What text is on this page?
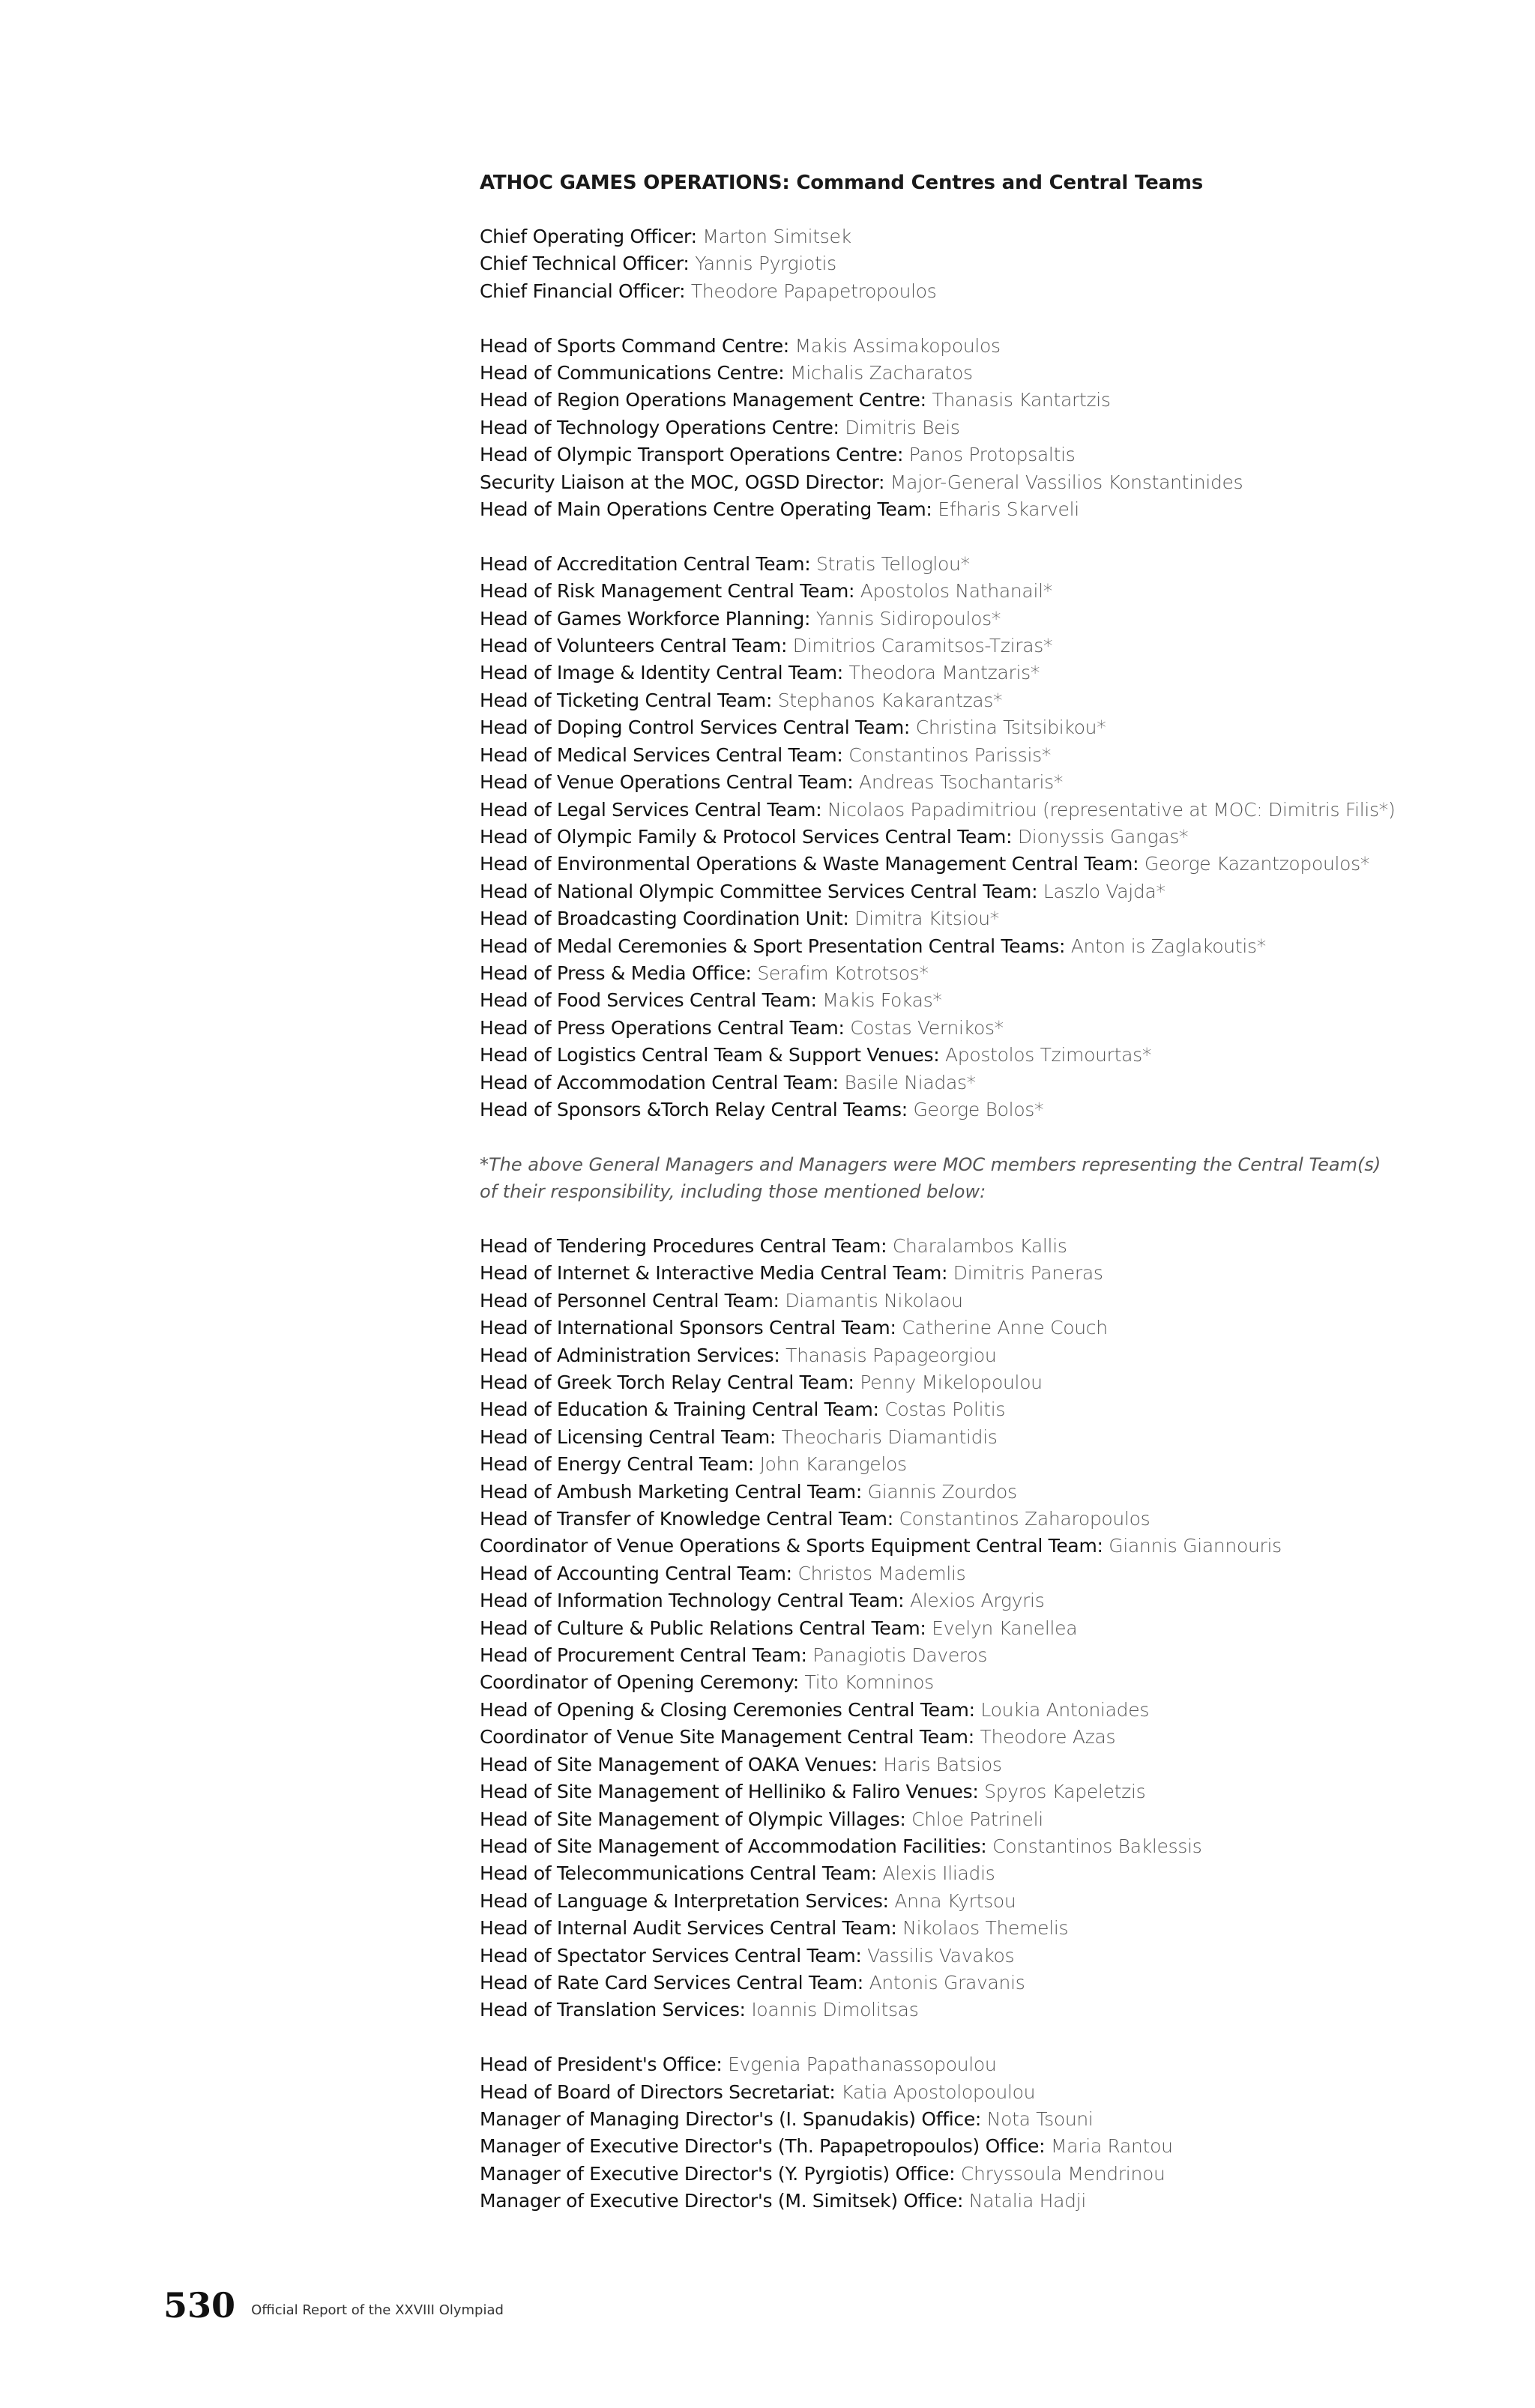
ATHOC GAMES OPERATIONS: Command Centres and Central Teams
Chief Operating Officer: Marton Simitsek
Chief Technical Officer: Yannis Pyrgiotis
Chief Financial Officer: Theodore Papapetropoulos
Head of Sports Command Centre: Makis Assimakopoulos
Head of Communications Centre: Michalis Zacharatos
Head of Region Operations Management Centre: Thanasis Kantartzis
Head of Technology Operations Centre: Dimitris Beis
Head of Olympic Transport Operations Centre: Panos Protopsaltis
Security Liaison at the MOC, OGSD Director: Major-General Vassilios Konstantinides
Head of Main Operations Centre Operating Team: Efharis Skarveli
Head of Accreditation Central Team: Stratis Telloglou*
Head of Risk Management Central Team: Apostolos Nathanail*
Head of Games Workforce Planning: Yannis Sidiropoulos*
Head of Volunteers Central Team: Dimitrios Caramitsos-Tziras*
Head of Image & Identity Central Team: Theodora Mantzaris*
Head of Ticketing Central Team: Stephanos Kakarantzas*
Head of Doping Control Services Central Team: Christina Tsitsibikou*
Head of Medical Services Central Team: Constantinos Parissis*
Head of Venue Operations Central Team: Andreas Tsochantaris*
Head of Legal Services Central Team: Nicolaos Papadimitriou (representative at MOC: Dimitris Filis*)
Head of Olympic Family & Protocol Services Central Team: Dionyssis Gangas*
Head of Environmental Operations & Waste Management Central Team: George Kazantzopoulos*
Head of National Olympic Committee Services Central Team: Laszlo Vajda*
Head of Broadcasting Coordination Unit: Dimitra Kitsiou*
Head of Medal Ceremonies & Sport Presentation Central Teams: Anton is Zaglakoutis*
Head of Press & Media Office: Serafim Kotrotsos*
Head of Food Services Central Team: Makis Fokas*
Head of Press Operations Central Team: Costas Vernikos*
Head of Logistics Central Team & Support Venues: Apostolos Tzimourtas*
Head of Accommodation Central Team: Basile Niadas*
Head of Sponsors &Torch Relay Central Teams: George Bolos*
*The above General Managers and Managers were MOC members representing the Central Team(s) of their responsibility, including those mentioned below:
Head of Tendering Procedures Central Team: Charalambos Kallis
Head of Internet & Interactive Media Central Team: Dimitris Paneras
Head of Personnel Central Team: Diamantis Nikolaou
Head of International Sponsors Central Team: Catherine Anne Couch
Head of Administration Services: Thanasis Papageorgiou
Head of Greek Torch Relay Central Team: Penny Mikelopoulou
Head of Education & Training Central Team: Costas Politis
Head of Licensing Central Team: Theocharis Diamantidis
Head of Energy Central Team: John Karangelos
Head of Ambush Marketing Central Team: Giannis Zourdos
Head of Transfer of Knowledge Central Team: Constantinos Zaharopoulos
Coordinator of Venue Operations & Sports Equipment Central Team: Giannis Giannouris
Head of Accounting Central Team: Christos Mademlis
Head of Information Technology Central Team: Alexios Argyris
Head of Culture & Public Relations Central Team: Evelyn Kanellea
Head of Procurement Central Team: Panagiotis Daveros
Coordinator of Opening Ceremony: Tito Komninos
Head of Opening & Closing Ceremonies Central Team: Loukia Antoniades
Coordinator of Venue Site Management Central Team: Theodore Azas
Head of Site Management of OAKA Venues: Haris Batsios
Head of Site Management of Helliniko & Faliro Venues: Spyros Kapeletzis
Head of Site Management of Olympic Villages: Chloe Patrineli
Head of Site Management of Accommodation Facilities: Constantinos Baklessis
Head of Telecommunications Central Team: Alexis Iliadis
Head of Language & Interpretation Services: Anna Kyrtsou
Head of Internal Audit Services Central Team: Nikolaos Themelis
Head of Spectator Services Central Team: Vassilis Vavakos
Head of Rate Card Services Central Team: Antonis Gravanis
Head of Translation Services: Ioannis Dimolitsas
Head of President's Office: Evgenia Papathanassopoulou
Head of Board of Directors Secretariat: Katia Apostolopoulou
Manager of Managing Director's (I. Spanudakis) Office: Nota Tsouni
Manager of Executive Director's (Th. Papapetropoulos) Office: Maria Rantou
Manager of Executive Director's (Y. Pyrgiotis) Office: Chryssoula Mendrinou
Manager of Executive Director's (M. Simitsek) Office: Natalia Hadji
530 Official Report of the XXVIII Olympiad
